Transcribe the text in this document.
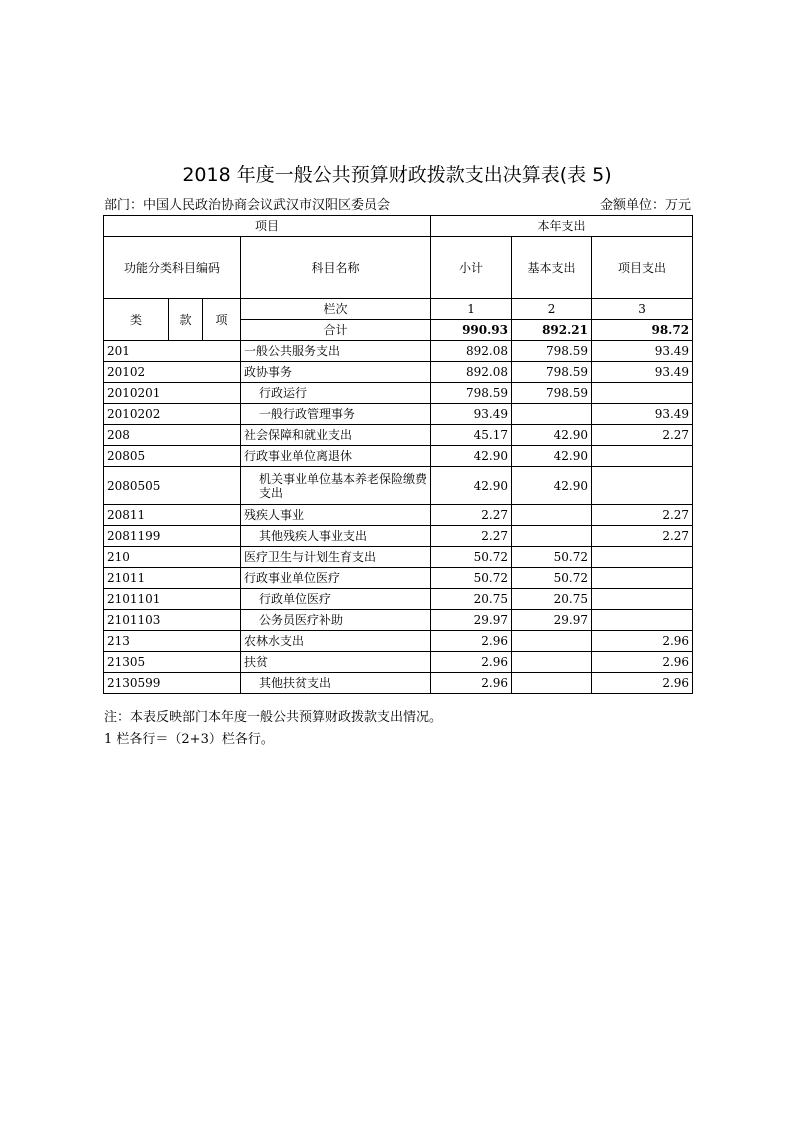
2018 年度一般公共预算财政拨款支出决算表(表 5)
部门：中国人民政治协商会议武汉市汉阳区委员会	金额单位：万元
项目				本年支出		
功能分类科目编码			科目名称	小计	基本支出	项目支出
类	款	项	栏次	1	2	3
			合计	990.93	892.21	98.72
201			一般公共服务支出	892.08	798.59	93.49
20102			政协事务	892.08	798.59	93.49
2010201			行政运行	798.59	798.59	
2010202			一般行政管理事务	93.49		93.49
208			社会保障和就业支出	45.17	42.90	2.27
20805			行政事业单位离退休	42.90	42.90	
2080505			机关事业单位基本养老保险缴费支出	42.90	42.90	
20811			残疾人事业	2.27		2.27
2081199			其他残疾人事业支出	2.27		2.27
210			医疗卫生与计划生育支出	50.72	50.72	
21011			行政事业单位医疗	50.72	50.72	
2101101			行政单位医疗	20.75	20.75	
2101103			公务员医疗补助	29.97	29.97	
213			农林水支出	2.96		2.96
21305			扶贫	2.96		2.96
2130599			其他扶贫支出	2.96		2.96
注：本表反映部门本年度一般公共预算财政拨款支出情况。
1 栏各行＝（2+3）栏各行。
